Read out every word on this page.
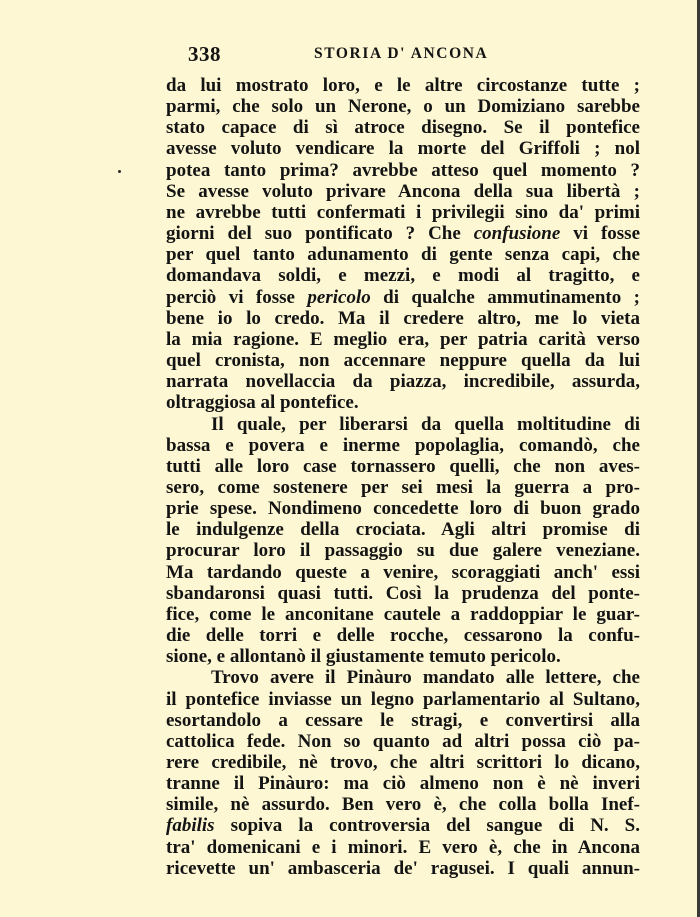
338	STORIA D' ANCONA
da lui mostrato loro, e le altre circostanze tutte ;
parmi, che solo un Nerone, o un Domiziano sarebbe
stato capace di sì atroce disegno. Se il pontefice
avesse voluto vendicare la morte del Griffoli ; nol
potea tanto prima? avrebbe atteso quel momento ?
Se avesse voluto privare Ancona della sua libertà ;
ne avrebbe tutti confermati i privilegii sino da' primi
giorni del suo pontificato ? Che confusione vi fosse
per quel tanto adunamento di gente senza capi, che
domandava soldi, e mezzi, e modi al tragitto, e
perciò vi fosse pericolo di qualche ammutinamento ;
bene io lo credo. Ma il credere altro, me lo vieta
la mia ragione. E meglio era, per patria carità verso
quel cronista, non accennare neppure quella da lui
narrata novellaccia da piazza, incredibile, assurda,
oltraggiosa al pontefice.
Il quale, per liberarsi da quella moltitudine di
bassa e povera e inerme popolaglia, comandò, che
tutti alle loro case tornassero quelli, che non aves-
sero, come sostenere per sei mesi la guerra a pro-
prie spese. Nondimeno concedette loro di buon grado
le indulgenze della crociata. Agli altri promise di
procurar loro il passaggio su due galere veneziane.
Ma tardando queste a venire, scoraggiati anch' essi
sbandaronsi quasi tutti. Così la prudenza del ponte-
fice, come le anconitane cautele a raddoppiar le guar-
die delle torri e delle rocche, cessarono la confu-
sione, e allontanò il giustamente temuto pericolo.
Trovo avere il Pinàuro mandato alle lettere, che
il pontefice inviasse un legno parlamentario al Sultano,
esortandolo a cessare le stragi, e convertirsi alla
cattolica fede. Non so quanto ad altri possa ciò pa-
rere credibile, nè trovo, che altri scrittori lo dicano,
tranne il Pinàuro: ma ciò almeno non è nè inveri
simile, nè assurdo. Ben vero è, che colla bolla Inef-
fabilis sopiva la controversia del sangue di N. S.
tra' domenicani e i minori. E vero è, che in Ancona
ricevette un' ambasceria de' ragusei. I quali annun-
